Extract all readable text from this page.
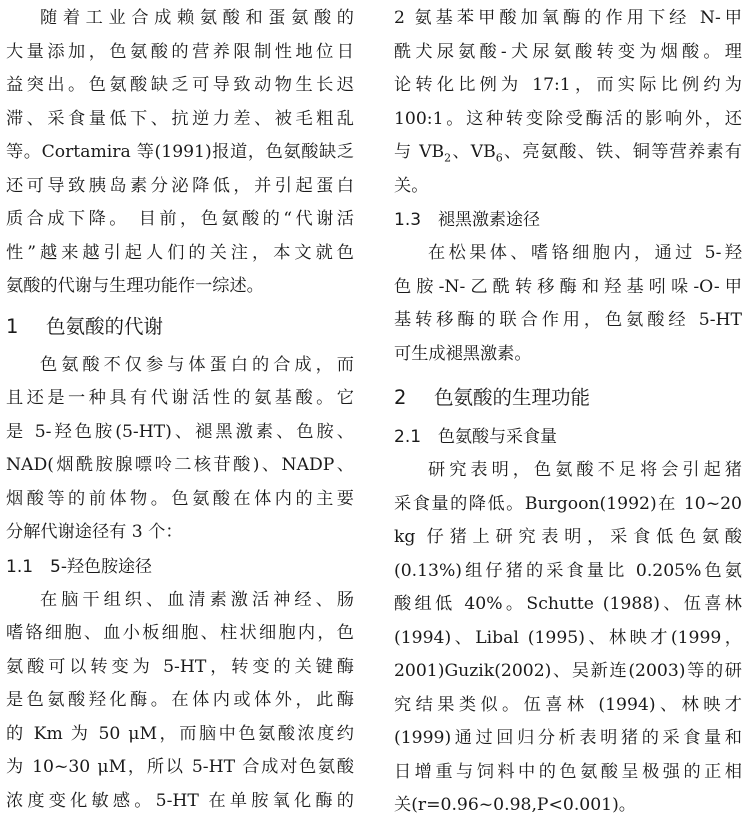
随着工业合成赖氨酸和蛋氨酸的
大量添加，色氨酸的营养限制性地位日
益突出。色氨酸缺乏可导致动物生长迟
滞、采食量低下、抗逆力差、被毛粗乱
等。Cortamira 等(1991)报道，色氨酸缺乏
还可导致胰岛素分泌降低，并引起蛋白
质合成下降。 目前，色氨酸的“代谢活
性”越来越引起人们的关注，本文就色
氨酸的代谢与生理功能作一综述。
1 色氨酸的代谢
色氨酸不仅参与体蛋白的合成，而
且还是一种具有代谢活性的氨基酸。它
是 5-羟色胺(5-HT)、褪黑激素、色胺、
NAD(烟酰胺腺嘌呤二核苷酸)、NADP、
烟酸等的前体物。色氨酸在体内的主要
分解代谢途径有 3 个：
1.1 5-羟色胺途径
在脑干组织、血清素激活神经、肠
嗜铬细胞、血小板细胞、柱状细胞内，色
氨酸可以转变为 5-HT，转变的关键酶
是色氨酸羟化酶。在体内或体外，此酶
的 Km 为 50 μM，而脑中色氨酸浓度约
为 10~30 μM，所以 5-HT 合成对色氨酸
浓度变化敏感。5-HT 在单胺氧化酶的
2 氨基苯甲酸加氧酶的作用下经 N-甲
酰犬尿氨酸-犬尿氨酸转变为烟酸。理
论转化比例为 17:1，而实际比例约为
100:1。这种转变除受酶活的影响外，还
与 $VB_2$、$VB_6$、亮氨酸、铁、铜等营养素有
关。
1.3 褪黑激素途径
在松果体、嗜铬细胞内，通过 5-羟
色胺-N-乙酰转移酶和羟基吲哚-O-甲
基转移酶的联合作用，色氨酸经 5-HT
可生成褪黑激素。
2 色氨酸的生理功能
2.1 色氨酸与采食量
研究表明，色氨酸不足将会引起猪
采食量的降低。Burgoon(1992)在 10~20
kg 仔猪上研究表明，采食低色氨酸
(0.13%)组仔猪的采食量比 0.205%色氨
酸组低 40%。Schutte (1988)、伍喜林
(1994)、Libal (1995)、林映才(1999，
2001)Guzik(2002)、吴新连(2003)等的研
究结果类似。伍喜林 (1994)、林映才
(1999)通过回归分析表明猪的采食量和
日增重与饲料中的色氨酸呈极强的正相
关(r=0.96~0.98,P<0.001)。
